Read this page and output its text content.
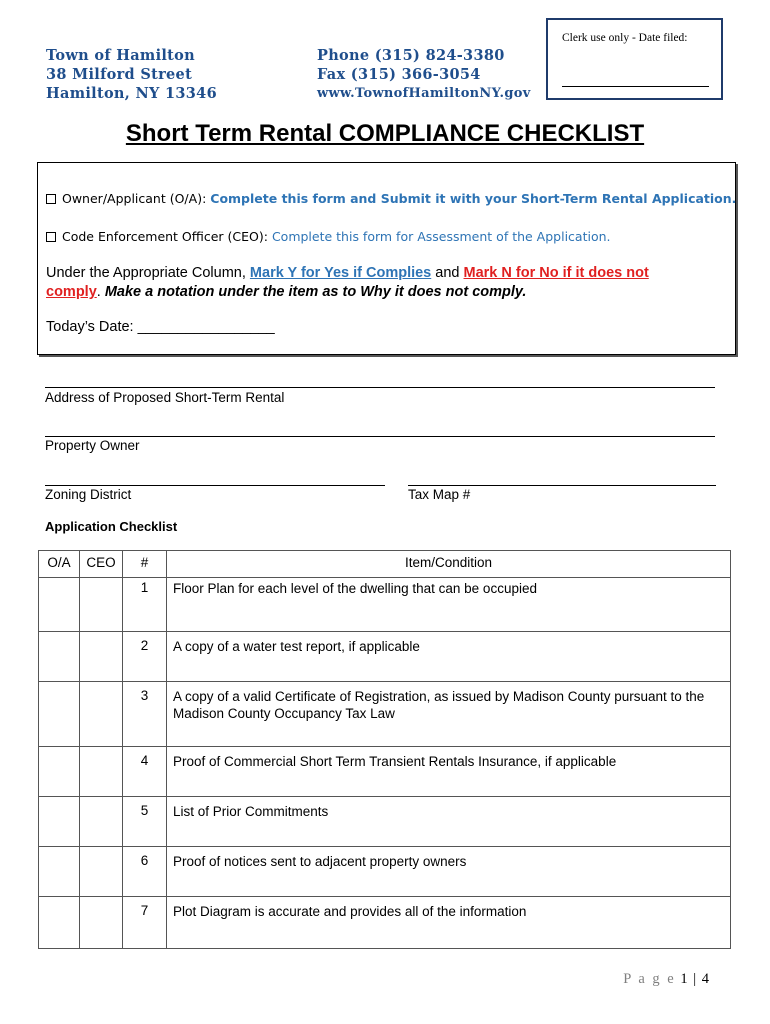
Town of Hamilton
38 Milford Street
Hamilton, NY 13346
Phone (315) 824-3380
Fax (315) 366-3054
www.TownofHamiltonNY.gov
Clerk use only - Date filed:
Short Term Rental COMPLIANCE CHECKLIST
Owner/Applicant (O/A): Complete this form and Submit it with your Short-Term Rental Application.
Code Enforcement Officer (CEO): Complete this form for Assessment of the Application.
Under the Appropriate Column, Mark Y for Yes if Complies and Mark N for No if it does not
comply. Make a notation under the item as to Why it does not comply.
Today’s Date: _________________
Address of Proposed Short-Term Rental
Property Owner
Zoning District	Tax Map #
Application Checklist
O/A	CEO	#	Item/Condition
		1	Floor Plan for each level of the dwelling that can be occupied
		2	A copy of a water test report, if applicable
		3	A copy of a valid Certificate of Registration, as issued by Madison County pursuant to the Madison County Occupancy Tax Law
		4	Proof of Commercial Short Term Transient Rentals Insurance, if applicable
		5	List of Prior Commitments
		6	Proof of notices sent to adjacent property owners
		7	Plot Diagram is accurate and provides all of the information
P a g e 1 | 4
